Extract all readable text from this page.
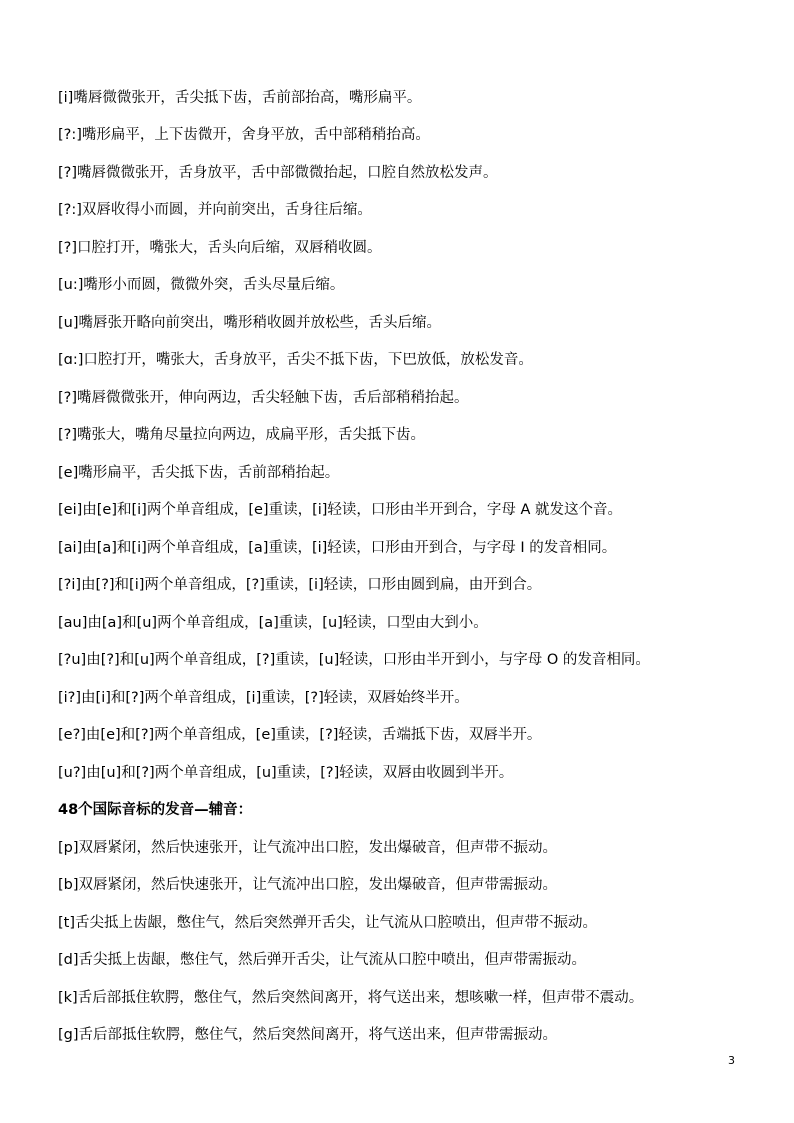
[i]嘴唇微微张开，舌尖抵下齿，舌前部抬高，嘴形扁平。
[?:]嘴形扁平，上下齿微开，舍身平放，舌中部稍稍抬高。
[?]嘴唇微微张开，舌身放平，舌中部微微抬起，口腔自然放松发声。
[?:]双唇收得小而圆，并向前突出，舌身往后缩。
[?]口腔打开，嘴张大，舌头向后缩，双唇稍收圆。
[u:]嘴形小而圆，微微外突，舌头尽量后缩。
[u]嘴唇张开略向前突出，嘴形稍收圆并放松些，舌头后缩。
[ɑ:]口腔打开，嘴张大，舌身放平，舌尖不抵下齿，下巴放低，放松发音。
[?]嘴唇微微张开，伸向两边，舌尖轻触下齿，舌后部稍稍抬起。
[?]嘴张大，嘴角尽量拉向两边，成扁平形，舌尖抵下齿。
[e]嘴形扁平，舌尖抵下齿，舌前部稍抬起。
[ei]由[e]和[i]两个单音组成，[e]重读，[i]轻读，口形由半开到合，字母 A 就发这个音。
[ai]由[a]和[i]两个单音组成，[a]重读，[i]轻读，口形由开到合，与字母 I 的发音相同。
[?i]由[?]和[i]两个单音组成，[?]重读，[i]轻读，口形由圆到扁，由开到合。
[au]由[a]和[u]两个单音组成，[a]重读，[u]轻读，口型由大到小。
[?u]由[?]和[u]两个单音组成，[?]重读，[u]轻读，口形由半开到小，与字母 O 的发音相同。
[i?]由[i]和[?]两个单音组成，[i]重读，[?]轻读，双唇始终半开。
[e?]由[e]和[?]两个单音组成，[e]重读，[?]轻读，舌端抵下齿，双唇半开。
[u?]由[u]和[?]两个单音组成，[u]重读，[?]轻读，双唇由收圆到半开。
48个国际音标的发音—辅音：
[p]双唇紧闭，然后快速张开，让气流冲出口腔，发出爆破音，但声带不振动。
[b]双唇紧闭，然后快速张开，让气流冲出口腔，发出爆破音，但声带需振动。
[t]舌尖抵上齿龈，憋住气，然后突然弹开舌尖，让气流从口腔喷出，但声带不振动。
[d]舌尖抵上齿龈，憋住气，然后弹开舌尖，让气流从口腔中喷出，但声带需振动。
[k]舌后部抵住软腭，憋住气，然后突然间离开，将气送出来，想咳嗽一样，但声带不震动。
[g]舌后部抵住软腭，憋住气，然后突然间离开，将气送出来，但声带需振动。
3
